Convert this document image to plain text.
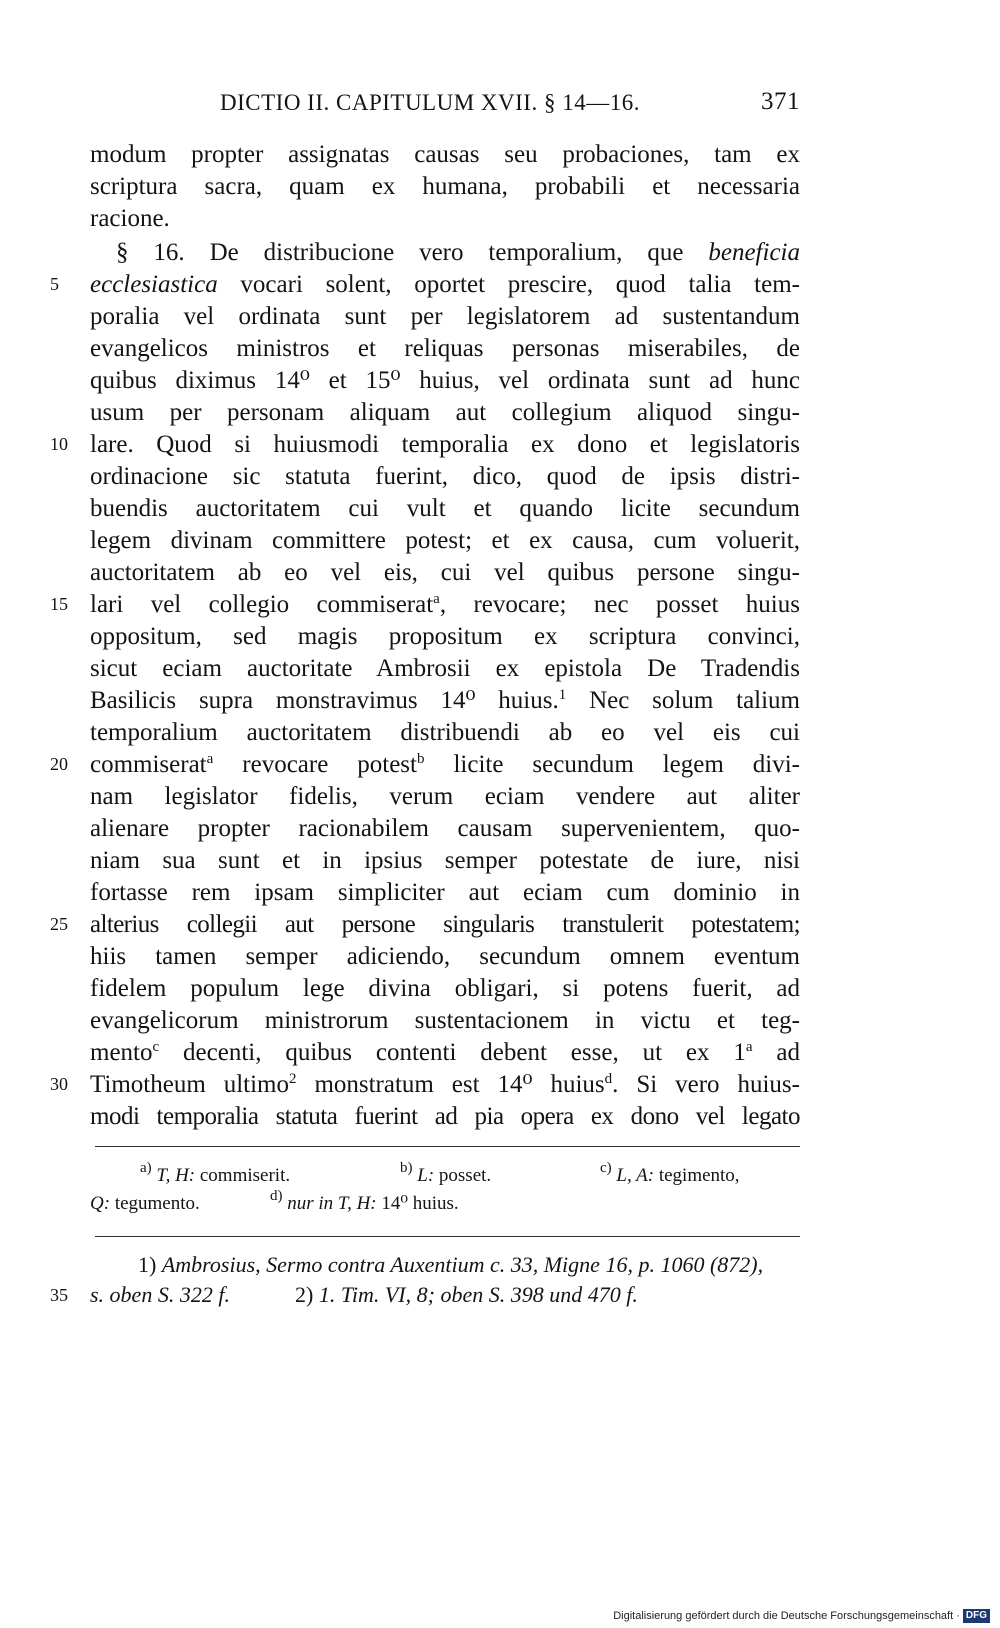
DICTIO II. CAPITULUM XVII. § 14—16.	371
modum propter assignatas causas seu probaciones, tam ex
scriptura sacra, quam ex humana, probabili et necessaria
racione.
§ 16. De distribucione vero temporalium, que beneficia
5	ecclesiastica vocari solent, oportet prescire, quod talia tem-
poralia vel ordinata sunt per legislatorem ad sustentandum
evangelicos ministros et reliquas personas miserabiles, de
quibus diximus 14⁰ et 15⁰ huius, vel ordinata sunt ad hunc
usum per personam aliquam aut collegium aliquod singu-
10 lare. Quod si huiusmodi temporalia ex dono et legislatoris
ordinacione sic statuta fuerint, dico, quod de ipsis distri-
buendis auctoritatem cui vult et quando licite secundum
legem divinam committere potest; et ex causa, cum voluerit,
auctoritatem ab eo vel eis, cui vel quibus persone singu-
15 lari vel collegio commiserat$^a$, revocare; nec posset huius
oppositum, sed magis propositum ex scriptura convinci,
sicut eciam auctoritate Ambrosii ex epistola De Tradendis
Basilicis supra monstravimus 14⁰ huius.$^1$ Nec solum talium
temporalium auctoritatem distribuendi ab eo vel eis cui
20 commiserat$^a$ revocare potest$^b$ licite secundum legem divi-
nam legislator fidelis, verum eciam vendere aut aliter
alienare propter racionabilem causam supervenientem, quo-
niam sua sunt et in ipsius semper potestate de iure, nisi
fortasse rem ipsam simpliciter aut eciam cum dominio in
25 alterius collegii aut persone singularis transtulerit potestatem;
hiis tamen semper adiciendo, secundum omnem eventum
fidelem populum lege divina obligari, si potens fuerit, ad
evangelicorum ministrorum sustentacionem in victu et teg-
mento$^c$ decenti, quibus contenti debent esse, ut ex 1$^a$ ad
30 Timotheum ultimo$^2$ monstratum est 14⁰ huius$^d$. Si vero huius-
modi temporalia statuta fuerint ad pia opera ex dono vel legato
$^{a)}$ T, H: commiserit.	$^{b)}$ L: posset.	$^{c)}$ L, A: tegimento,
Q: tegumento.	$^{d)}$ nur in T, H: 14⁰ huius.
1) Ambrosius, Sermo contra Auxentium c. 33, Migne 16, p. 1060 (872),
35	s. oben S. 322 f.	2) 1. Tim. VI, 8; oben S. 398 und 470 f.
Digitalisierung gefördert durch die Deutsche Forschungsgemeinschaft · DFG
